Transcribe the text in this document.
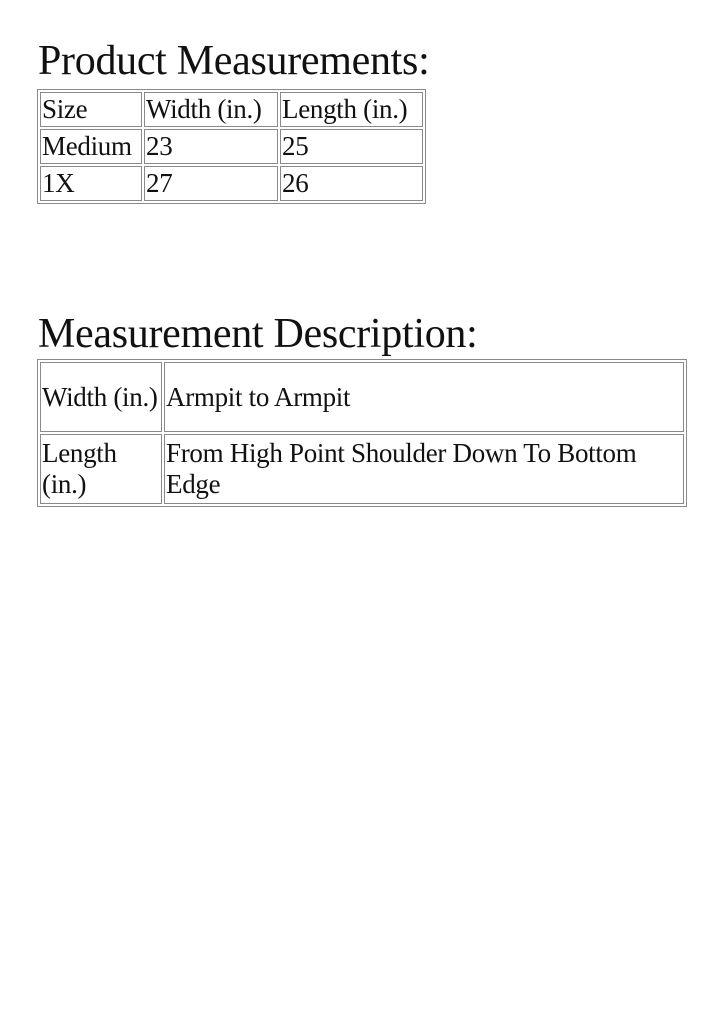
Product Measurements:
Size	Width (in.)	Length (in.)
Medium	23	25
1X	27	26
Measurement Description:
Width (in.)	Armpit to Armpit
Length (in.)	From High Point Shoulder Down To Bottom Edge
